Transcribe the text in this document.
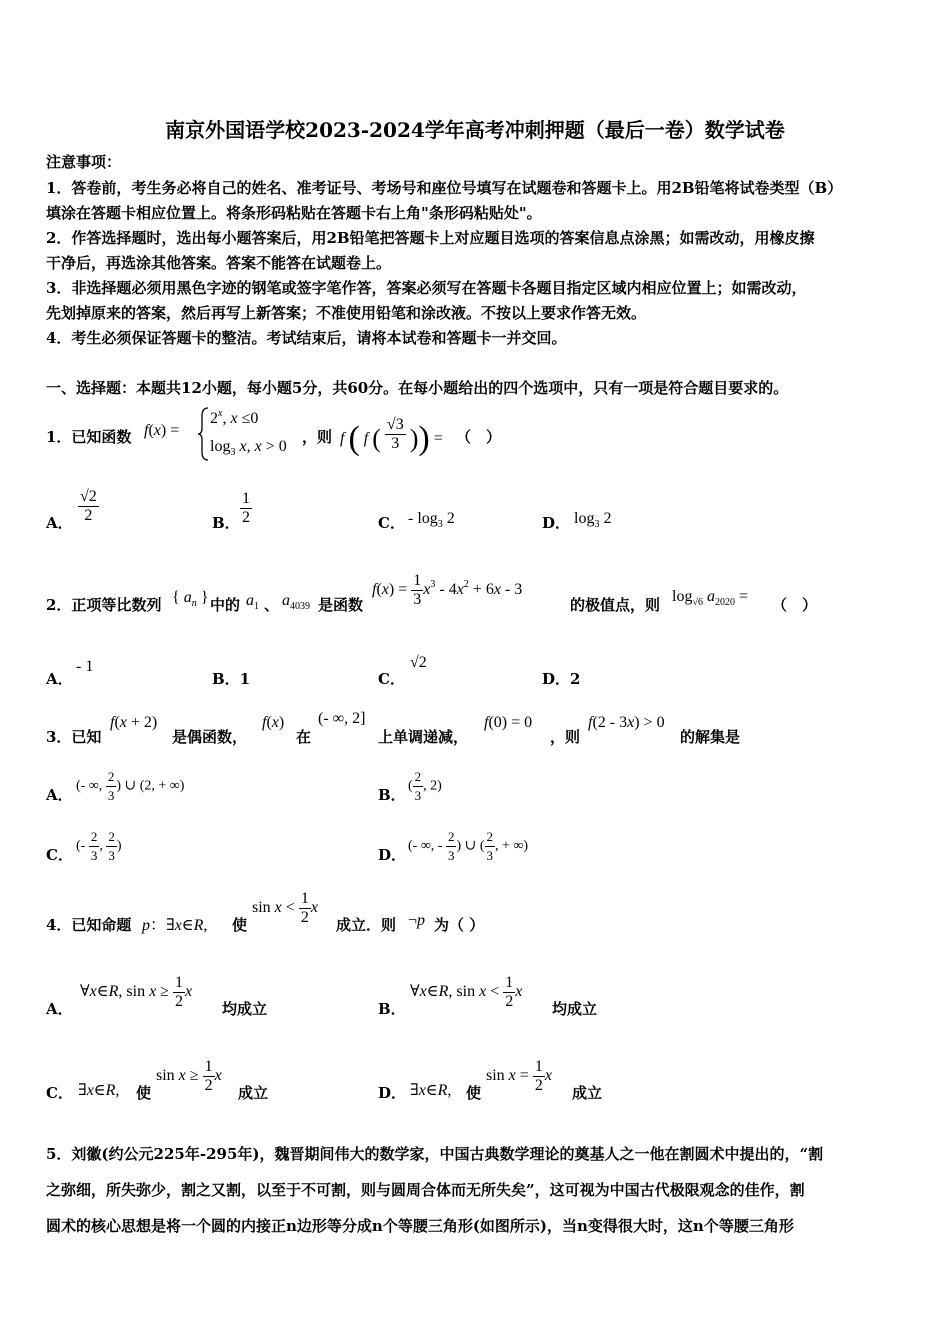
南京外国语学校2023-2024学年高考冲刺押题（最后一卷）数学试卷
注意事项：
1．答卷前，考生务必将自己的姓名、准考证号、考场号和座位号填写在试题卷和答题卡上。用2B铅笔将试卷类型（B）
填涂在答题卡相应位置上。将条形码粘贴在答题卡右上角"条形码粘贴处"。
2．作答选择题时，选出每小题答案后，用2B铅笔把答题卡上对应题目选项的答案信息点涂黑；如需改动，用橡皮擦
干净后，再选涂其他答案。答案不能答在试题卷上。
3．非选择题必须用黑色字迹的钢笔或签字笔作答，答案必须写在答题卡各题目指定区域内相应位置上；如需改动，
先划掉原来的答案，然后再写上新答案；不准使用铅笔和涂改液。不按以上要求作答无效。
4．考生必须保证答题卡的整洁。考试结束后，请将本试卷和答题卡一并交回。
一、选择题：本题共12小题，每小题5分，共60分。在每小题给出的四个选项中，只有一项是符合题目要求的。
1．已知函数 f(x) =
$2^x$, x ≤0
$\log_3 x$, x > 0
，则 f ( f ( $\frac{√3}{3}$ )) = （　）
A． $\frac{√2}{2}$	B． $\frac{1}{2}$	C． - $\log_3 2$	D． $\log_3 2$
2．正项等比数列 { $a_n$ } 中的 $a_1$ 、 $a_{4039}$ 是函数
$f(x) = \frac{1}{3} x^3 - 4x^2 + 6x - 3$
的极值点，则 $\log_{√6} a_{2020}$ = （　）
A．
- 1
B．1	C．
√2
D．2
3．已知
f(x + 2)
是偶函数，
f(x)
在
(- ∞, 2]
上单调递减，
f(0) = 0
，则
f(2 - 3x) > 0
的解集是
A． (- ∞, $\frac{2}{3}$ ) ∪ (2, + ∞)	B． ( $\frac{2}{3}$ , 2)
C． (- $\frac{2}{3}$ , $\frac{2}{3}$ )	D． (- ∞, - $\frac{2}{3}$ ) ∪ ( $\frac{2}{3}$ , + ∞)
4．已知命题 p：∃x∈R, 使
$\sin x < \frac{1}{2}$ x
成立．则 ¬p 为（ ）
A．
∀x∈R, $\sin x \ge \frac{1}{2}$ x
均成立	B．
∀x∈R, $\sin x < \frac{1}{2}$ x
均成立
C． ∃x∈R, 使
$\sin x \ge \frac{1}{2}$ x
成立	D． ∃x∈R, 使
$\sin x = \frac{1}{2}$ x
成立
5．刘徽(约公元225年-295年)，魏晋期间伟大的数学家，中国古典数学理论的奠基人之一他在割圆术中提出的，“割
之弥细，所失弥少，割之又割，以至于不可割，则与圆周合体而无所失矣”，这可视为中国古代极限观念的佳作，割
圆术的核心思想是将一个圆的内接正n边形等分成n个等腰三角形(如图所示)，当n变得很大时，这n个等腰三角形
